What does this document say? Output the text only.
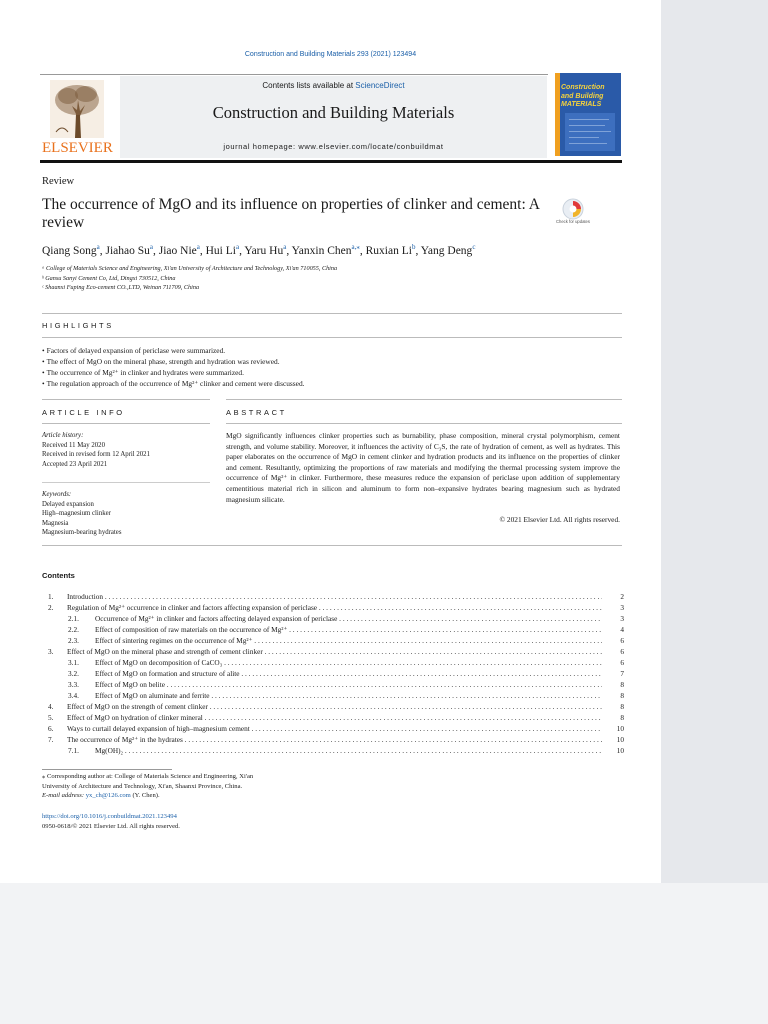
Construction and Building Materials 293 (2021) 123494
ELSEVIER
Contents lists available at ScienceDirect
Construction and Building Materials
journal homepage: www.elsevier.com/locate/conbuildmat
Construction
and Building
MATERIALS
Review
The occurrence of MgO and its influence on properties of clinker and cement: A review	Check for updates
Qiang Song$^a$, Jiahao Su$^a$, Jiao Nie$^a$, Hui Li$^a$, Yaru Hu$^a$, Yanxin Chen$^{a,⁎}$, Ruxian Li$^b$, Yang Deng$^c$
ᵃ College of Materials Science and Engineering, Xi'an University of Architecture and Technology, Xi'an 710055, China
ᵇ Gansu Sanyi Cement Co, Ltd, Dingxi 730512, China
ᶜ Shaanxi Fuping Eco-cement CO.,LTD, Weinan 711709, China
HIGHLIGHTS
• Factors of delayed expansion of periclase were summarized.
• The effect of MgO on the mineral phase, strength and hydration was reviewed.
• The occurrence of Mg²⁺ in clinker and hydrates were summarized.
• The regulation approach of the occurrence of Mg²⁺ clinker and cement were discussed.
ARTICLE INFO	ABSTRACT
Article history:
Received 11 May 2020
Received in revised form 12 April 2021
Accepted 23 April 2021
Keywords:
Delayed expansion
High–magnesium clinker
Magnesia
Magnesium-bearing hydrates
MgO significantly influences clinker properties such as burnability, phase composition, mineral crystal polymorphism, cement strength, and volume stability. Moreover, it influences the activity of C₃S, the rate of hydration of cement, as well as hydrates. This paper elaborates on the occurrence of MgO in cement clinker and hydration products and its influence on the properties of clinker and cement. Resultantly, optimizing the proportions of raw materials and modifying the thermal processing system improve the occurrence of Mg²⁺ in clinker. Furthermore, these measures reduce the expansion of periclase upon addition of supplementary cementitious material rich in silicon and aluminum to form non–expansive hydrates bearing magnesium such as hydrated magnesium silicate.
© 2021 Elsevier Ltd. All rights reserved.
Contents
1. Introduction . . .	2
2. Regulation of Mg²⁺ occurrence in clinker and factors affecting expansion of periclase . . .	3
2.1. Occurrence of Mg²⁺ in clinker and factors affecting delayed expansion of periclase . . .	3
2.2. Effect of composition of raw materials on the occurrence of Mg²⁺ . . .	4
2.3. Effect of sintering regimes on the occurrence of Mg²⁺ . . .	6
3. Effect of MgO on the mineral phase and strength of cement clinker . . .	6
3.1. Effect of MgO on decomposition of CaCO₃ . . .	6
3.2. Effect of MgO on formation and structure of alite . . .	7
3.3. Effect of MgO on belite . . .	8
3.4. Effect of MgO on aluminate and ferrite . . .	8
4. Effect of MgO on the strength of cement clinker . . .	8
5. Effect of MgO on hydration of clinker mineral . . .	8
6. Ways to curtail delayed expansion of high–magnesium cement . . .	10
7. The occurrence of Mg²⁺ in the hydrates . . .	10
7.1. Mg(OH)₂ . . .	10
⁎ Corresponding author at: College of Materials Science and Engineering, Xi'an
University of Architecture and Technology, Xi'an, Shaanxi Province, China.
E-mail address: yx_ch@126.com (Y. Chen).
https://doi.org/10.1016/j.conbuildmat.2021.123494
0950-0618/© 2021 Elsevier Ltd. All rights reserved.
